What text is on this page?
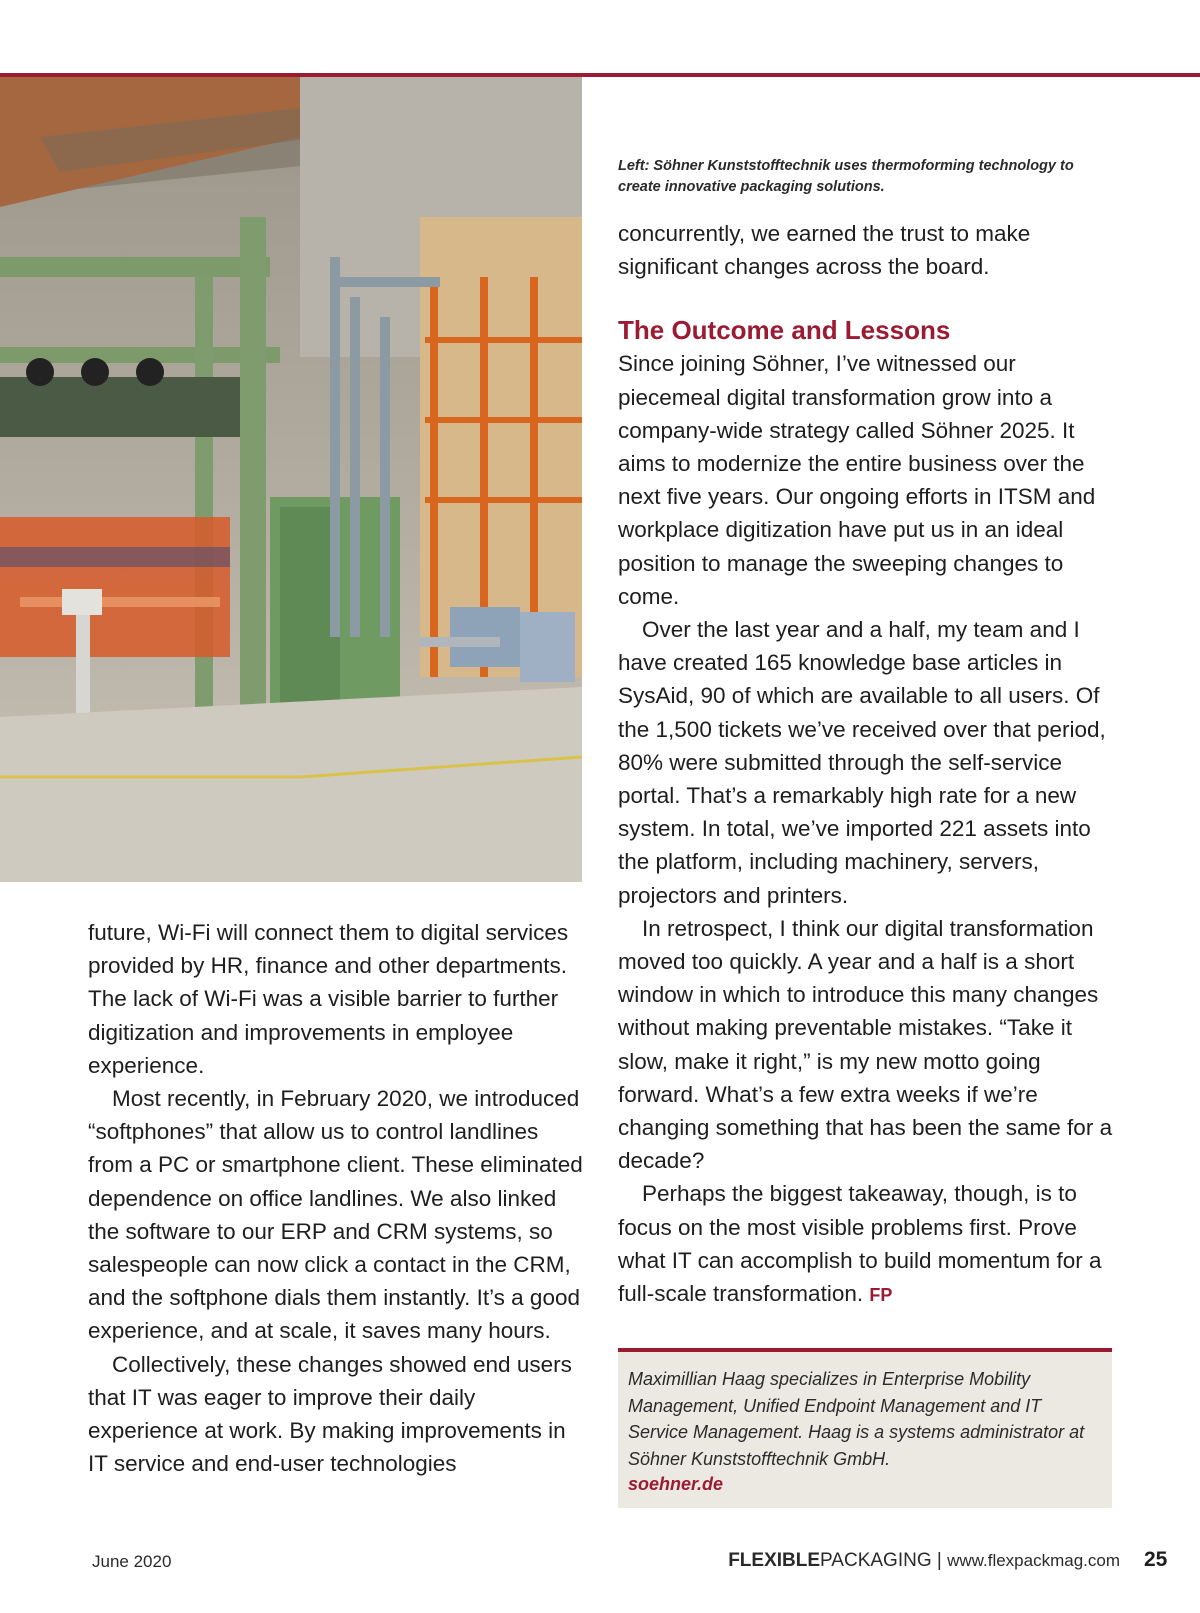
Left: Söhner Kunststofftechnik uses thermoforming technology to create innovative packaging solutions.

concurrently, we earned the trust to make significant changes across the board.

The Outcome and Lessons

Since joining Söhner, I’ve witnessed our piecemeal digital transformation grow into a company-wide strategy called Söhner 2025. It aims to modernize the entire business over the next five years. Our ongoing efforts in ITSM and workplace digitization have put us in an ideal position to manage the sweeping changes to come.

Over the last year and a half, my team and I have created 165 knowledge base articles in SysAid, 90 of which are available to all users. Of the 1,500 tickets we’ve received over that period, 80% were submitted through the self-service portal. That’s a remarkably high rate for a new system. In total, we’ve imported 221 assets into the platform, including machinery, servers, projectors and printers.

In retrospect, I think our digital transformation moved too quickly. A year and a half is a short window in which to introduce this many changes without making preventable mistakes. “Take it slow, make it right,” is my new motto going forward. What’s a few extra weeks if we’re changing something that has been the same for a decade?

Perhaps the biggest takeaway, though, is to focus on the most visible problems first. Prove what IT can accomplish to build momentum for a full-scale transformation. FP

future, Wi-Fi will connect them to digital services provided by HR, finance and other departments. The lack of Wi-Fi was a visible barrier to further digitization and improvements in employee experience.

Most recently, in February 2020, we introduced “softphones” that allow us to control landlines from a PC or smartphone client. These eliminated dependence on office landlines. We also linked the software to our ERP and CRM systems, so salespeople can now click a contact in the CRM, and the softphone dials them instantly. It’s a good experience, and at scale, it saves many hours.

Collectively, these changes showed end users that IT was eager to improve their daily experience at work. By making improvements in IT service and end-user technologies

Maximillian Haag specializes in Enterprise Mobility Management, Unified Endpoint Management and IT Service Management. Haag is a systems administrator at Söhner Kunststofftechnik GmbH.
soehner.de
June 2020	FLEXIBLEPACKAGING | www.flexpackmag.com 25
